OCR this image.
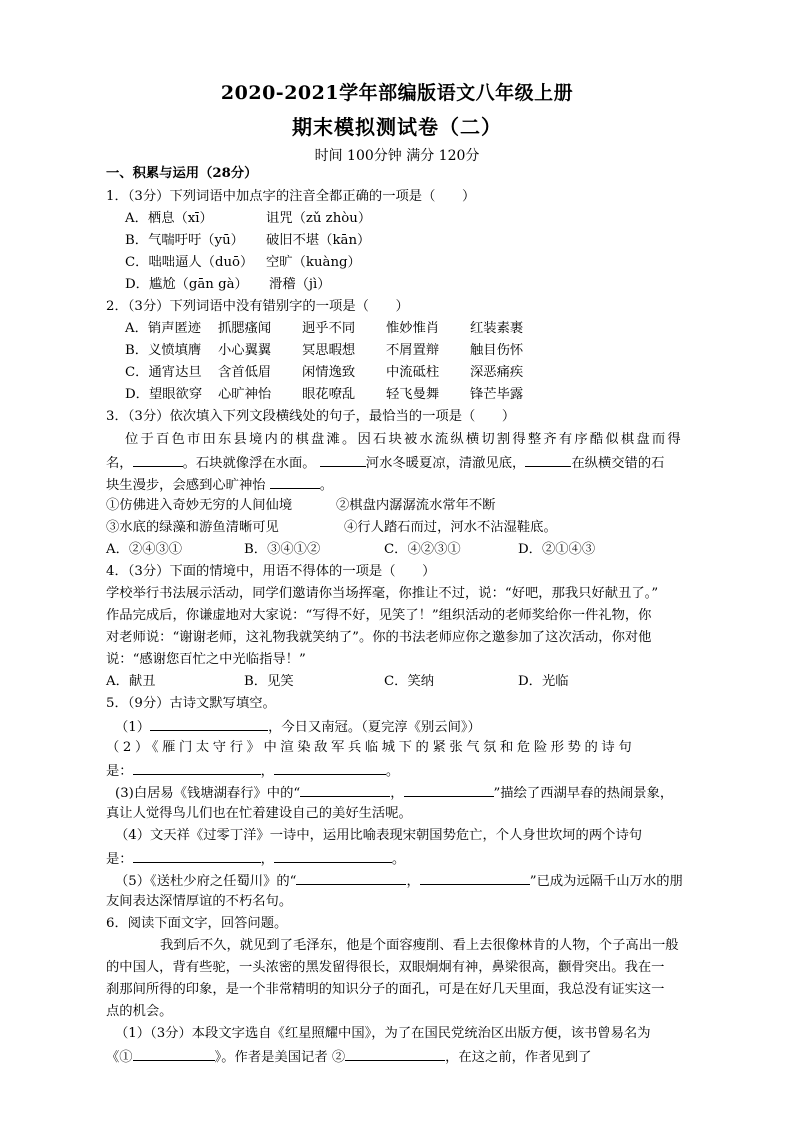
2020-2021学年部编版语文八年级上册
期末模拟测试卷（二）
时间 100分钟 满分 120分
一、积累与运用（28分）
1．（3分）下列词语中加点字的注音全都正确的一项是（　　）
A．栖息（xī）	诅咒（zǔ zhòu）
B．气喘吁吁（yū） 破旧不堪（kān）
C．咄咄逼人（duō） 空旷（kuàng）
D．尴尬（gān gà） 滑稽（jì）
2．（3分）下列词语中没有错别字的一项是（　　）
A．销声匿迹 抓腮瘙闻 迥乎不同 惟妙惟肖 红装素裹
B．义愤填膺 小心翼翼 冥思暇想 不屑置辩 触目伤怀
C．通宵达旦 含首低眉 闲情逸致 中流砥柱 深恶痛疾
D．望眼欲穿 心旷神怡 眼花嘹乱 轻飞曼舞 锋芒毕露
3．（3分）依次填入下列文段横线处的句子，最恰当的一项是（　　）
位于百色市田东县境内的棋盘滩。因石块被水流纵横切割得整齐有序酷似棋盘而得
名，	。石块就像浮在水面。	河水冬暖夏凉，清澈见底，	在纵横交错的石
块生漫步，会感到心旷神怡	。
①仿佛进入奇妙无穷的人间仙境	②棋盘内潺潺流水常年不断
③水底的绿藻和游鱼清晰可见	④行人踏石而过，河水不沾湿鞋底。
A．②④③①	B．③④①②	C．④②③①	D．②①④③
4．（3分）下面的情境中，用语不得体的一项是（　　）
学校举行书法展示活动，同学们邀请你当场挥毫，你推让不过，说：“好吧，那我只好献丑了。”
作品完成后，你谦虚地对大家说：“写得不好，见笑了！”组织活动的老师奖给你一件礼物，你
对老师说：“谢谢老师，这礼物我就笑纳了”。你的书法老师应你之邀参加了这次活动，你对他
说：“感谢您百忙之中光临指导！”
A．献丑	B．见笑	C．笑纳	D．光临
5．（9分）古诗文默写填空。
（1）	，今日又南冠。（夏完淳《别云间》）
（2）《雁门太守行》中渲染敌军兵临城下的紧张气氛和危险形势的诗句
是：	，	。
(3)白居易《钱塘湖春行》中的“	，	”描绘了西湖早春的热闹景象，
真让人觉得鸟儿们也在忙着建设自己的美好生活呢。
（4）文天祥《过零丁洋》一诗中，运用比喻表现宋朝国势危亡，个人身世坎坷的两个诗句
是：	，	。
（5）《送杜少府之任蜀川》的“	，	”已成为远隔千山万水的朋
友间表达深情厚谊的不朽名句。
6．阅读下面文字，回答问题。
我到后不久，就见到了毛泽东，他是个面容瘦削、看上去很像林肯的人物，个子高出一般
的中国人，背有些驼，一头浓密的黑发留得很长，双眼炯炯有神，鼻梁很高，颧骨突出。我在一
刹那间所得的印象，是一个非常精明的知识分子的面孔，可是在好几天里面，我总没有证实这一
点的机会。
（1）（3分）本段文字选自《红星照耀中国》，为了在国民党统治区出版方便，该书曾易名为
《①	》。作者是美国记者 ②	，在这之前，作者见到了
